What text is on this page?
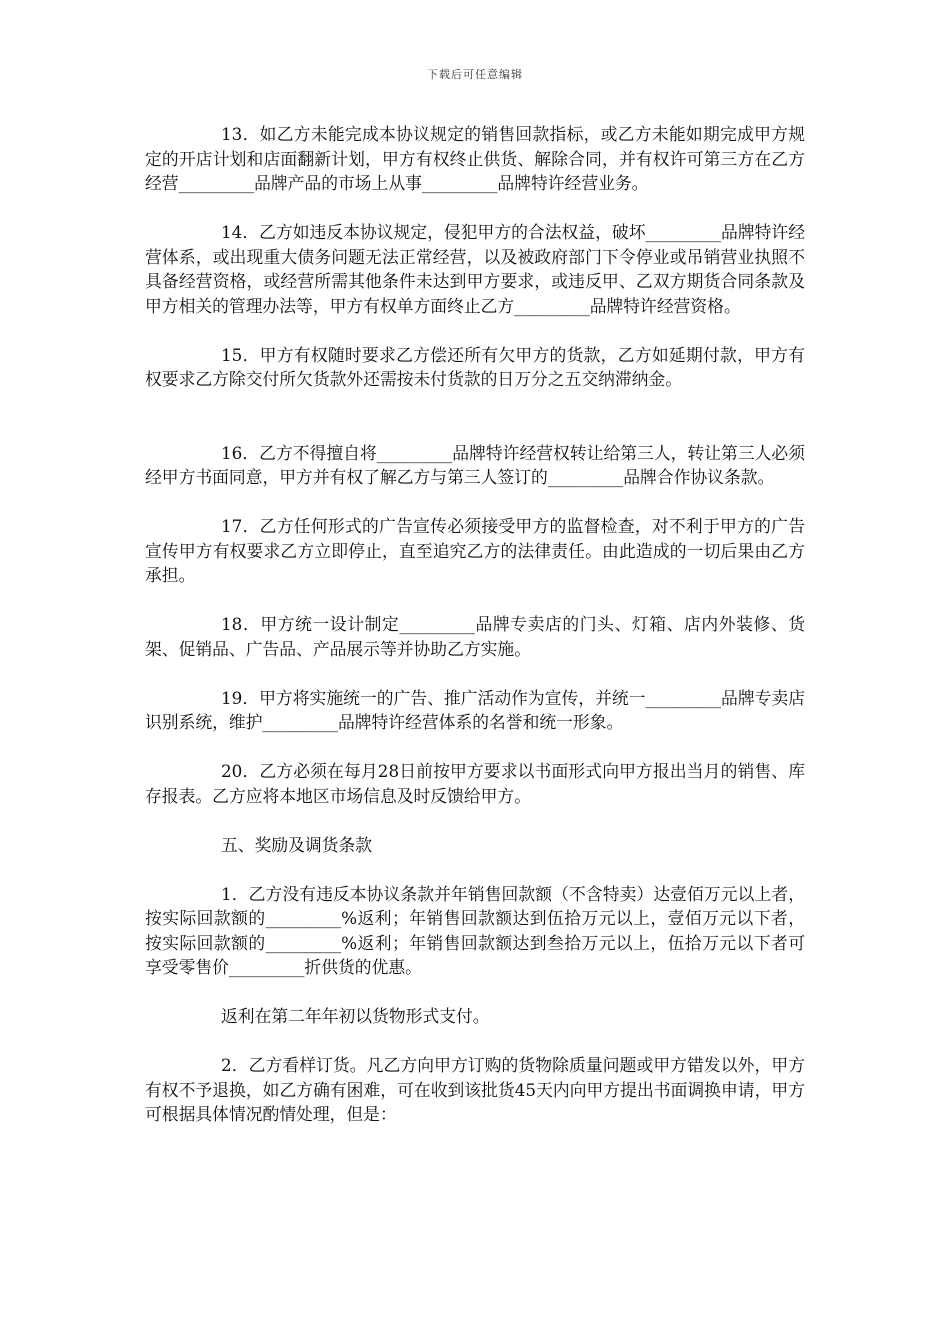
下载后可任意编辑

13．如乙方未能完成本协议规定的销售回款指标，或乙方未能如期完成甲方规定的开店计划和店面翻新计划，甲方有权终止供货、解除合同，并有权许可第三方在乙方经营_________品牌产品的市场上从事_________品牌特许经营业务。

14．乙方如违反本协议规定，侵犯甲方的合法权益，破坏_________品牌特许经营体系，或出现重大债务问题无法正常经营，以及被政府部门下令停业或吊销营业执照不具备经营资格，或经营所需其他条件未达到甲方要求，或违反甲、乙双方期货合同条款及甲方相关的管理办法等，甲方有权单方面终止乙方_________品牌特许经营资格。

15．甲方有权随时要求乙方偿还所有欠甲方的货款，乙方如延期付款，甲方有权要求乙方除交付所欠货款外还需按未付货款的日万分之五交纳滞纳金。

16．乙方不得擅自将_________品牌特许经营权转让给第三人，转让第三人必须经甲方书面同意，甲方并有权了解乙方与第三人签订的_________品牌合作协议条款。

17．乙方任何形式的广告宣传必须接受甲方的监督检查，对不利于甲方的广告宣传甲方有权要求乙方立即停止，直至追究乙方的法律责任。由此造成的一切后果由乙方承担。

18．甲方统一设计制定_________品牌专卖店的门头、灯箱、店内外装修、货架、促销品、广告品、产品展示等并协助乙方实施。

19．甲方将实施统一的广告、推广活动作为宣传，并统一_________品牌专卖店识别系统，维护_________品牌特许经营体系的名誉和统一形象。

20．乙方必须在每月28日前按甲方要求以书面形式向甲方报出当月的销售、库存报表。乙方应将本地区市场信息及时反馈给甲方。

五、奖励及调货条款

1．乙方没有违反本协议条款并年销售回款额（不含特卖）达壹佰万元以上者，按实际回款额的_________%返利；年销售回款额达到伍拾万元以上，壹佰万元以下者，按实际回款额的_________%返利；年销售回款额达到叁拾万元以上，伍拾万元以下者可享受零售价_________折供货的优惠。

返利在第二年年初以货物形式支付。

2．乙方看样订货。凡乙方向甲方订购的货物除质量问题或甲方错发以外，甲方有权不予退换，如乙方确有困难，可在收到该批货45天内向甲方提出书面调换申请，甲方可根据具体情况酌情处理，但是：
